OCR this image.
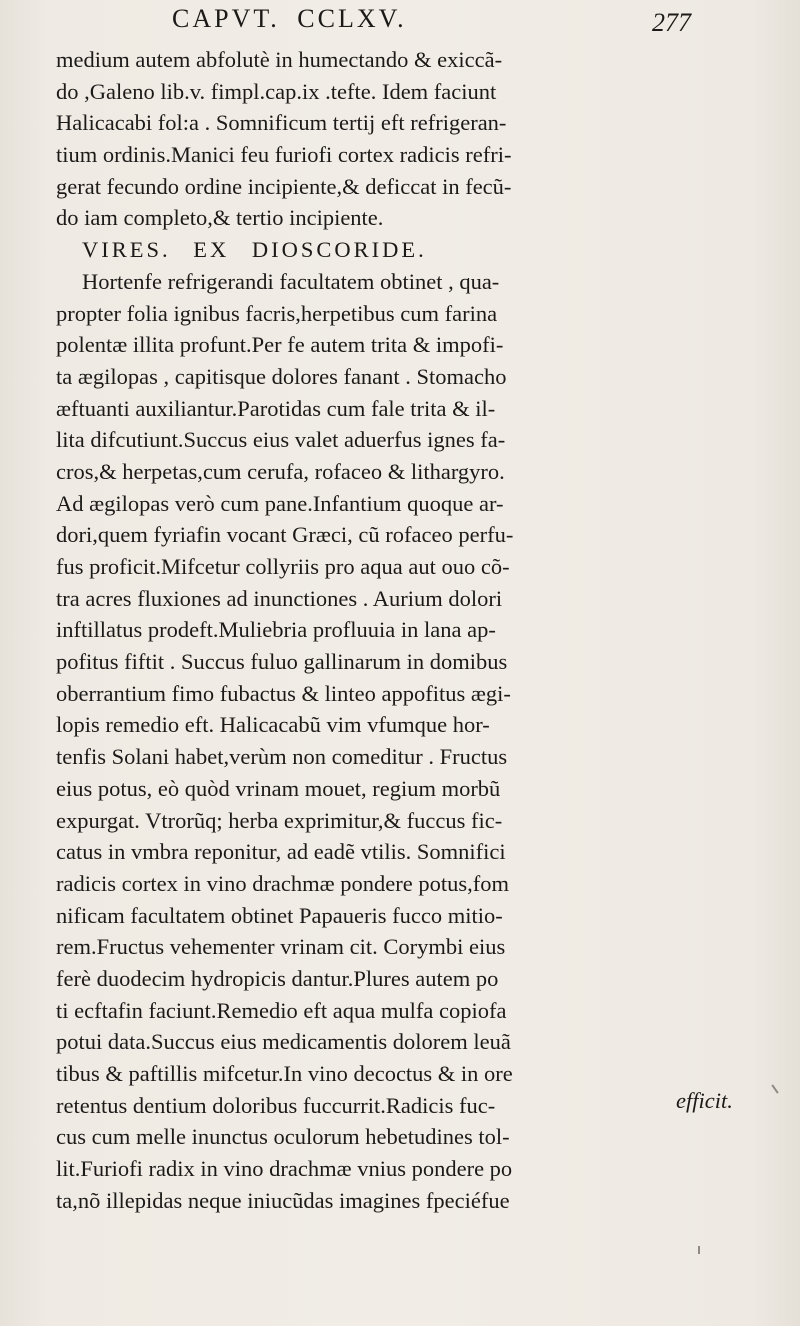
CAPVT. CCLXV.	277
medium autem abfolutè in humectando & exiccã-
do ,Galeno lib.v. fimpl.cap.ix .tefte. Idem faciunt
Halicacabi fol:a . Somnificum tertij eft refrigeran-
tium ordinis.Manici feu furiofi cortex radicis refri-
gerat fecundo ordine incipiente,& deficcat in fecũ-
do iam completo,& tertio incipiente.
VIRES. EX DIOSCORIDE.
Hortenfe refrigerandi facultatem obtinet , qua-
propter folia ignibus facris,herpetibus cum farina
polentæ illita profunt.Per fe autem trita & impofi-
ta ægilopas , capitisque dolores fanant . Stomacho
æftuanti auxiliantur.Parotidas cum fale trita & il-
lita difcutiunt.Succus eius valet aduerfus ignes fa-
cros,& herpetas,cum cerufa, rofaceo & lithargyro.
Ad ægilopas verò cum pane.Infantium quoque ar-
dori,quem fyriafin vocant Græci, cũ rofaceo perfu-
fus proficit.Mifcetur collyriis pro aqua aut ouo cõ-
tra acres fluxiones ad inunctiones . Aurium dolori
inftillatus prodeft.Muliebria profluuia in lana ap-
pofitus fiftit . Succus fuluo gallinarum in domibus
oberrantium fimo fubactus & linteo appofitus ægi-
lopis remedio eft. Halicacabũ vim vfumque hor-
tenfis Solani habet,verùm non comeditur . Fructus
eius potus, eò quòd vrinam mouet, regium morbũ
expurgat. Vtrorũq; herba exprimitur,& fuccus fic-
catus in vmbra reponitur, ad eadẽ vtilis. Somnifici
radicis cortex in vino drachmæ pondere potus,fom
nificam facultatem obtinet Papaueris fucco mitio-
rem.Fructus vehementer vrinam cit. Corymbi eius
ferè duodecim hydropicis dantur.Plures autem po
ti ecftafin faciunt.Remedio eft aqua mulfa copiofa
potui data.Succus eius medicamentis dolorem leuã
tibus & paftillis mifcetur.In vino decoctus & in ore
retentus dentium doloribus fuccurrit.Radicis fuc-
cus cum melle inunctus oculorum hebetudines tol-
lit.Furiofi radix in vino drachmæ vnius pondere po
ta,nõ illepidas neque iniucũdas imagines fpeciéfue
efficit.
